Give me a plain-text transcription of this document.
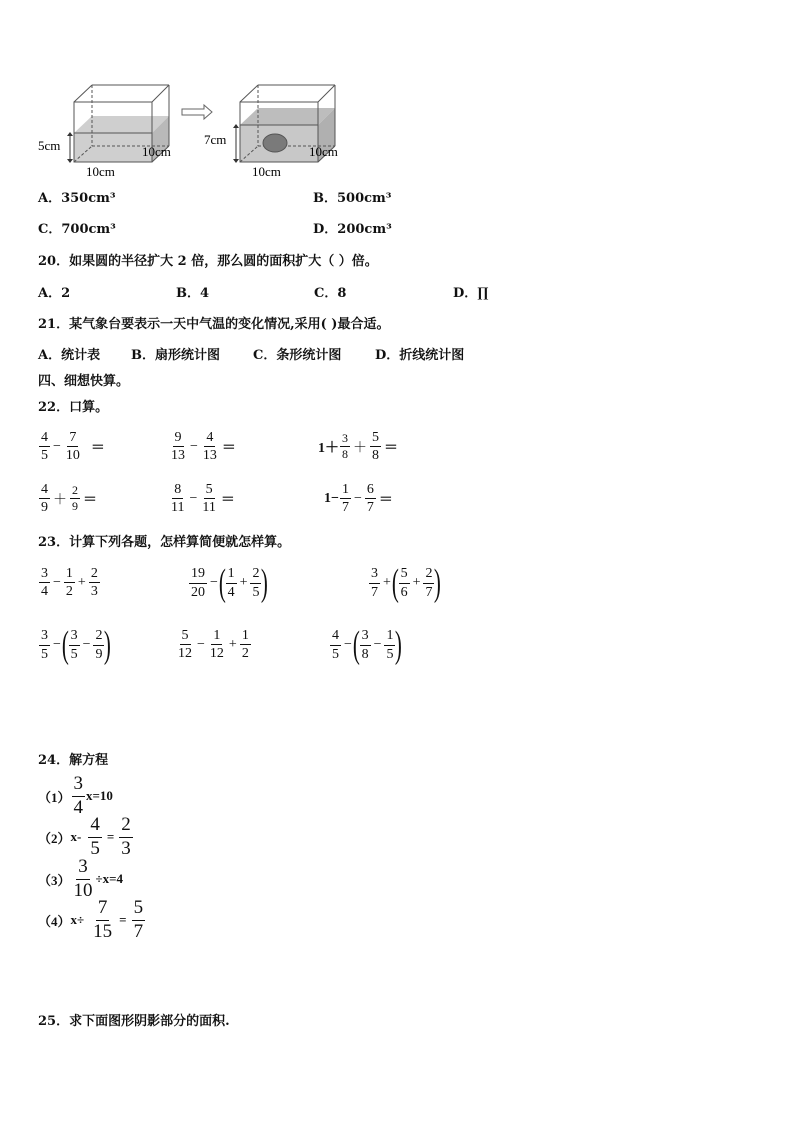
5cm
10cm
10cm
7cm
10cm
10cm
A．350cm³	B．500cm³
C．700cm³	D．200cm³
20．如果圆的半径扩大 2 倍，那么圆的面积扩大（ ）倍。
A．2	B．4	C．8	D．∏
21．某气象台要表示一天中气温的变化情况,采用( )最合适。
A．统计表 B．扇形统计图	C．条形统计图	D．折线统计图
四、细想快算。
22．口算。
$\frac{4}{5} - \frac{7}{10}$ ＝	$\frac{9}{13} - \frac{4}{13}$ ＝	$1+ \frac{3}{8} + \frac{5}{8}$ ＝
$\frac{4}{9} + \frac{2}{9}$ ＝	$\frac{8}{11} - \frac{5}{11}$ ＝	$1- \frac{1}{7} - \frac{6}{7}$ ＝
23．计算下列各题，怎样算简便就怎样算。
$\frac{3}{4} - \frac{1}{2} + \frac{2}{3}$	$\frac{19}{20}$ − ( $\frac{1}{4} + \frac{2}{5}$ )	$\frac{3}{7}$ + ( $\frac{5}{6} + \frac{2}{7}$ )
$\frac{3}{5}$ − ( $\frac{3}{5} - \frac{2}{9}$ )	$\frac{5}{12} - \frac{1}{12} + \frac{1}{2}$	$\frac{4}{5}$ − ( $\frac{3}{8} - \frac{1}{5}$ )
24．解方程
$(1) \frac{3}{4} x=10$
（2） $x- \frac{4}{5} = \frac{2}{3}$
$(3) \frac{3}{10} \div x=4$
（4） $x\div \frac{7}{15} = \frac{5}{7}$
25．求下面图形阴影部分的面积.
